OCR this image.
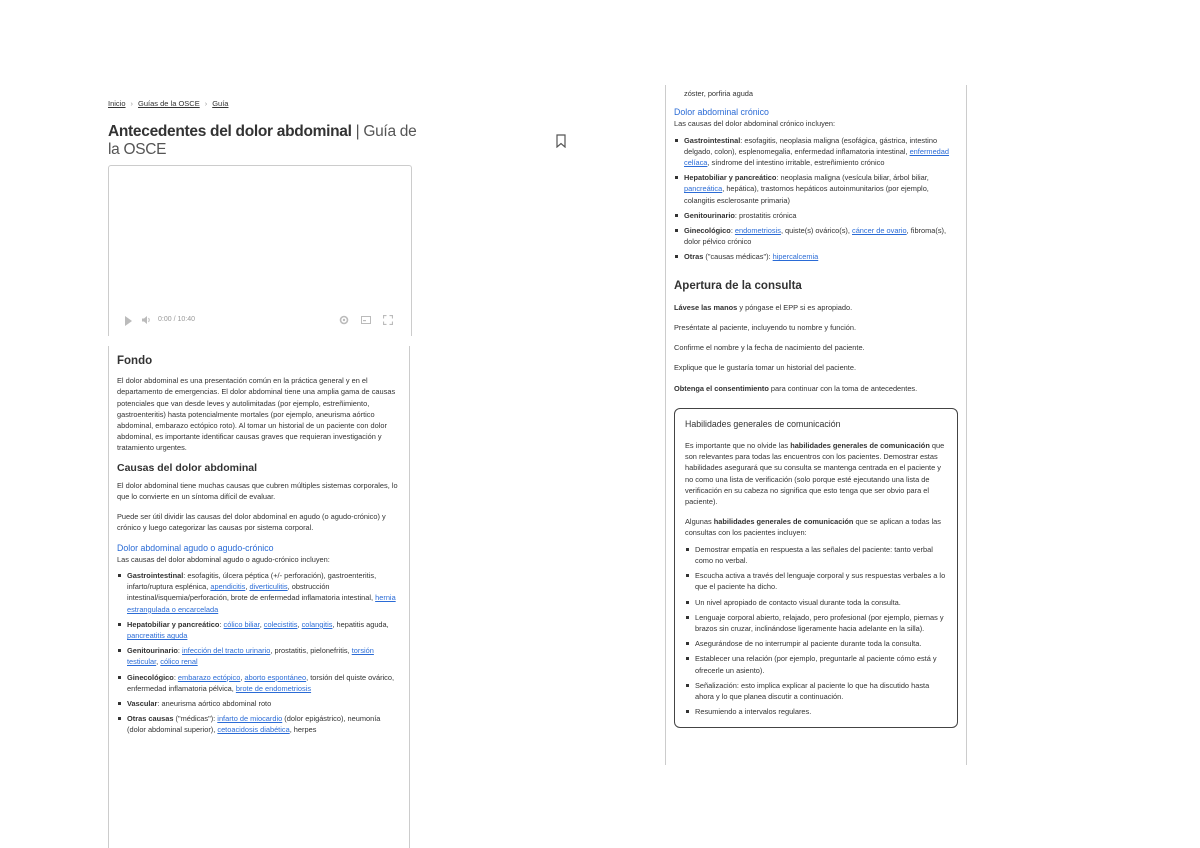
Inicio › Guías de la OSCE › Guía
Antecedentes del dolor abdominal | Guía de la OSCE
0:00 / 10:40
Fondo

El dolor abdominal es una presentación común en la práctica general y en el departamento de emergencias. El dolor abdominal tiene una amplia gama de causas potenciales que van desde leves y autolimitadas (por ejemplo, estreñimiento, gastroenteritis) hasta potencialmente mortales (por ejemplo, aneurisma aórtico abdominal, embarazo ectópico roto). Al tomar un historial de un paciente con dolor abdominal, es importante identificar causas graves que requieran investigación y tratamiento urgentes.

Causas del dolor abdominal

El dolor abdominal tiene muchas causas que cubren múltiples sistemas corporales, lo que lo convierte en un síntoma difícil de evaluar.

Puede ser útil dividir las causas del dolor abdominal en agudo (o agudo-crónico) y crónico y luego categorizar las causas por sistema corporal.

Dolor abdominal agudo o agudo-crónico
Las causas del dolor abdominal agudo o agudo-crónico incluyen:
Gastrointestinal: esofagitis, úlcera péptica (+/- perforación), gastroenteritis, infarto/ruptura esplénica, apendicitis, diverticulitis, obstrucción intestinal/isquemia/perforación, brote de enfermedad inflamatoria intestinal, hernia estrangulada o encarcelada
Hepatobiliar y pancreático: cólico biliar, colecistitis, colangitis, hepatitis aguda, pancreatitis aguda
Genitourinario: infección del tracto urinario, prostatitis, pielonefritis, torsión testicular, cólico renal
Ginecológico: embarazo ectópico, aborto espontáneo, torsión del quiste ovárico, enfermedad inflamatoria pélvica, brote de endometriosis
Vascular: aneurisma aórtico abdominal roto
Otras causas ("médicas"): infarto de miocardio (dolor epigástrico), neumonía (dolor abdominal superior), cetoacidosis diabética, herpes
zóster, porfiria aguda
Dolor abdominal crónico
Las causas del dolor abdominal crónico incluyen:
Gastrointestinal: esofagitis, neoplasia maligna (esofágica, gástrica, intestino delgado, colon), esplenomegalia, enfermedad inflamatoria intestinal, enfermedad celíaca, síndrome del intestino irritable, estreñimiento crónico
Hepatobiliar y pancreático: neoplasia maligna (vesícula biliar, árbol biliar, pancreática, hepática), trastornos hepáticos autoinmunitarios (por ejemplo, colangitis esclerosante primaria)
Genitourinario: prostatitis crónica
Ginecológico: endometriosis, quiste(s) ovárico(s), cáncer de ovario, fibroma(s), dolor pélvico crónico
Otras ("causas médicas"): hipercalcemia
Apertura de la consulta
Lávese las manos y póngase el EPP si es apropiado.
Preséntate al paciente, incluyendo tu nombre y función.
Confirme el nombre y la fecha de nacimiento del paciente.
Explique que le gustaría tomar un historial del paciente.
Obtenga el consentimiento para continuar con la toma de antecedentes.
Habilidades generales de comunicación

Es importante que no olvide las habilidades generales de comunicación que son relevantes para todas las encuentros con los pacientes. Demostrar estas habilidades asegurará que su consulta se mantenga centrada en el paciente y no como una lista de verificación (solo porque esté ejecutando una lista de verificación en su cabeza no significa que esto tenga que ser obvio para el paciente).

Algunas habilidades generales de comunicación que se aplican a todas las consultas con los pacientes incluyen:
Demostrar empatía en respuesta a las señales del paciente: tanto verbal como no verbal.
Escucha activa a través del lenguaje corporal y sus respuestas verbales a lo que el paciente ha dicho.
Un nivel apropiado de contacto visual durante toda la consulta.
Lenguaje corporal abierto, relajado, pero profesional (por ejemplo, piernas y brazos sin cruzar, inclinándose ligeramente hacia adelante en la silla).
Asegurándose de no interrumpir al paciente durante toda la consulta.
Establecer una relación (por ejemplo, preguntarle al paciente cómo está y ofrecerle un asiento).
Señalización: esto implica explicar al paciente lo que ha discutido hasta ahora y lo que planea discutir a continuación.
Resumiendo a intervalos regulares.
